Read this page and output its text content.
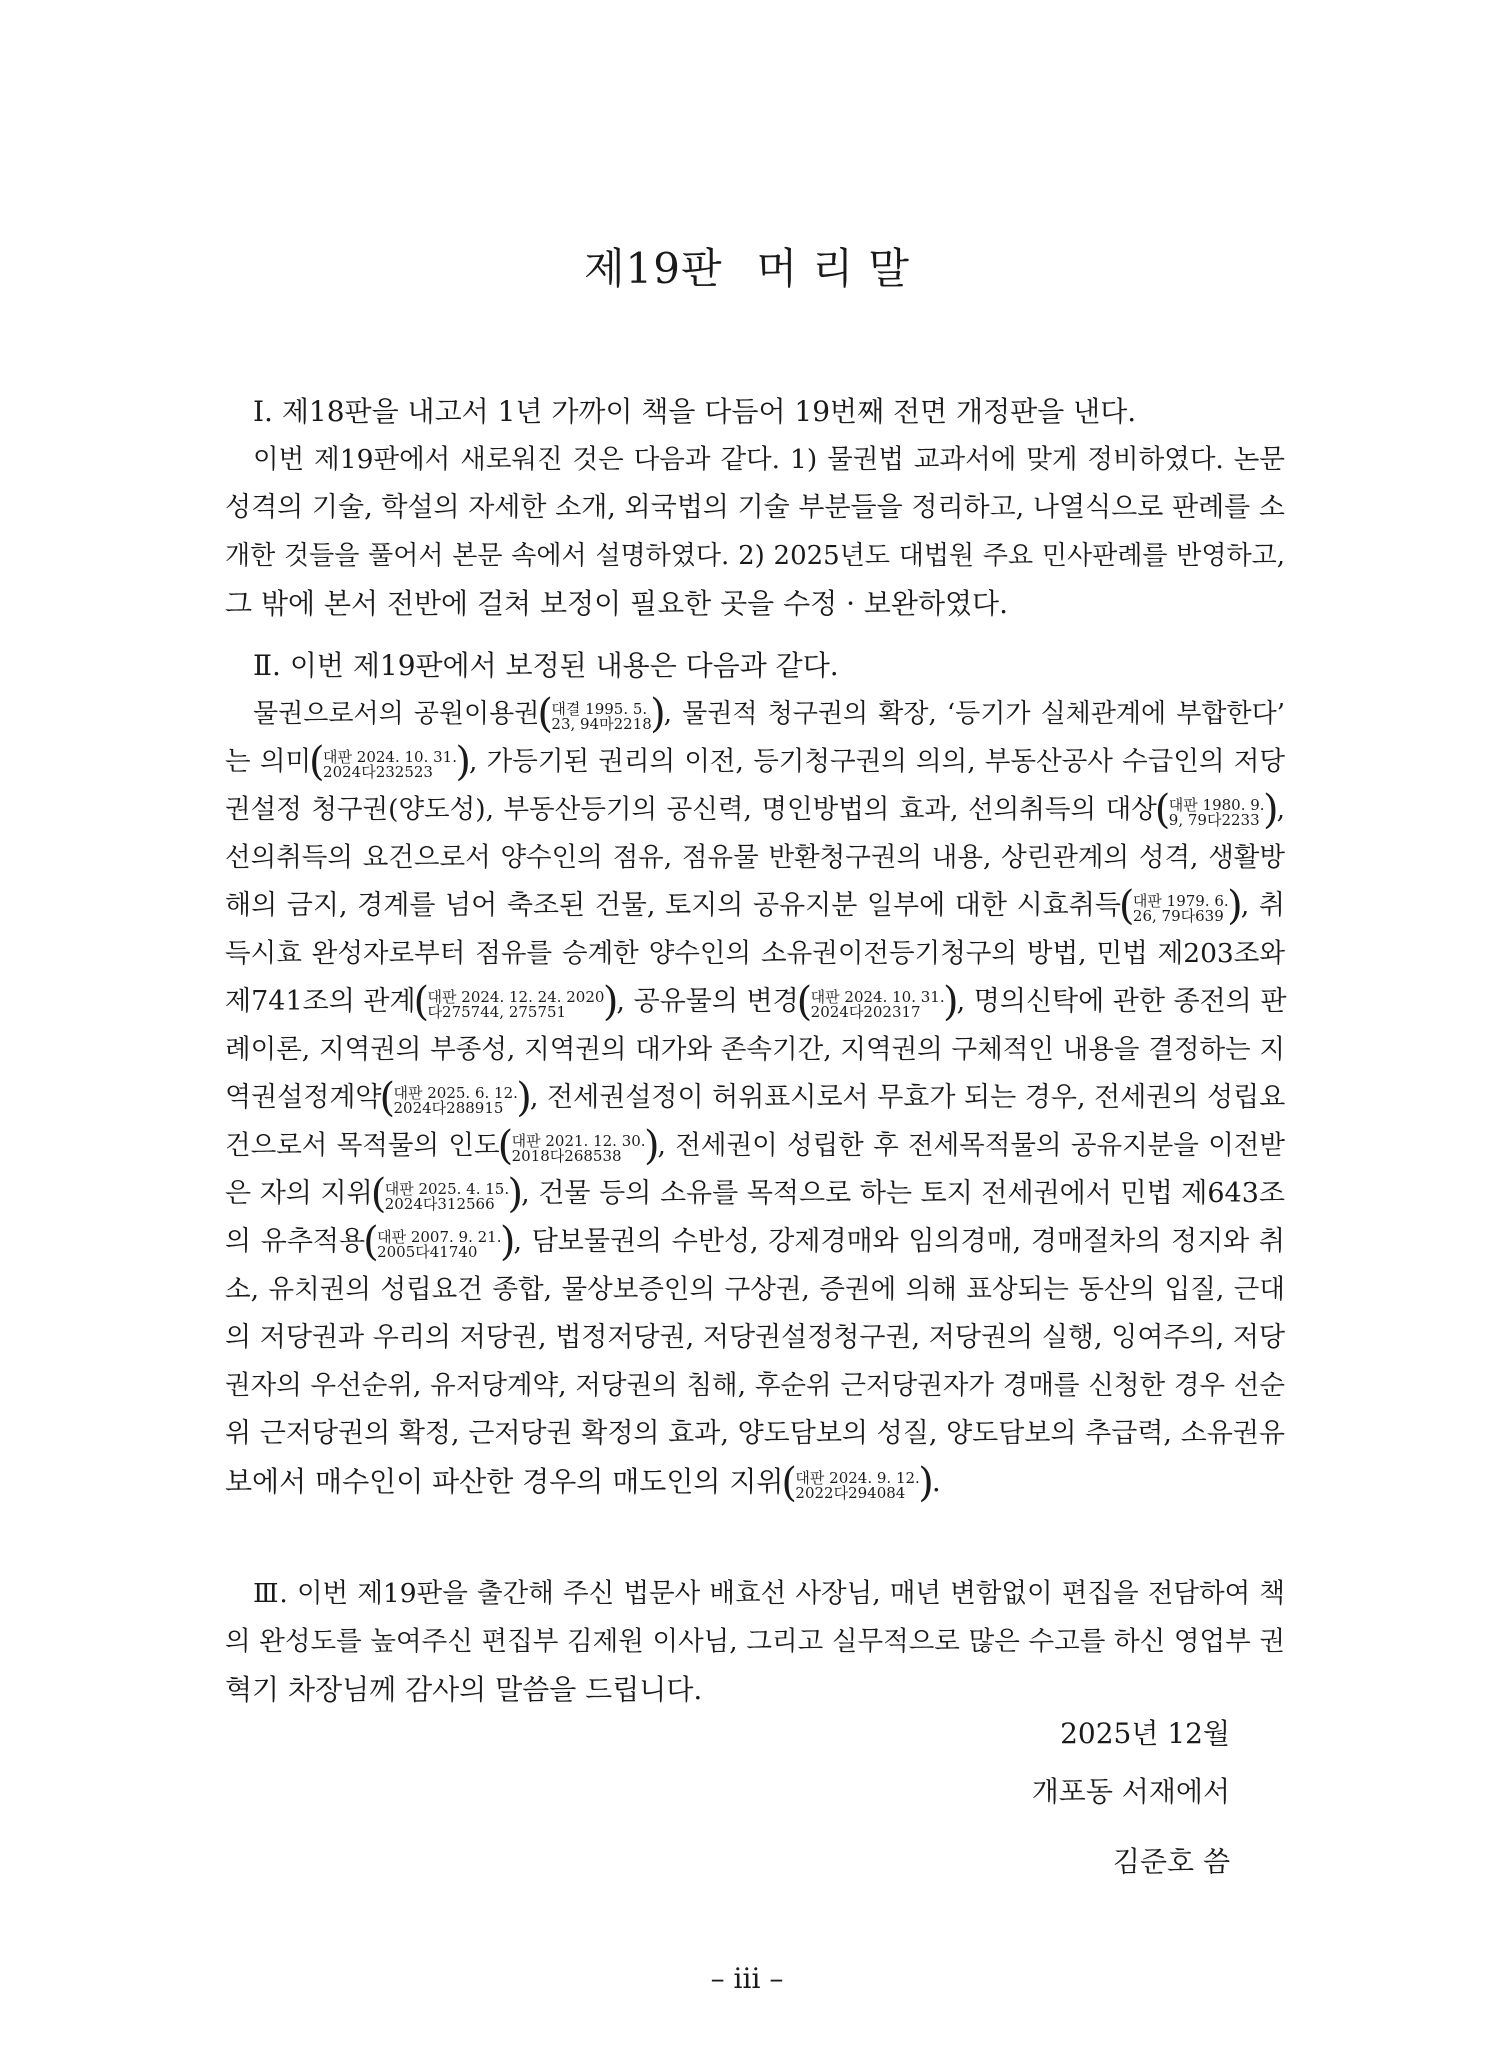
제19판 머 리 말
Ⅰ. 제18판을 내고서 1년 가까이 책을 다듬어 19번째 전면 개정판을 낸다.
이번 제19판에서 새로워진 것은 다음과 같다. 1) 물권법 교과서에 맞게 정비하였다. 논문
성격의 기술, 학설의 자세한 소개, 외국법의 기술 부분들을 정리하고, 나열식으로 판례를 소
개한 것들을 풀어서 본문 속에서 설명하였다. 2) 2025년도 대법원 주요 민사판례를 반영하고,
그 밖에 본서 전반에 걸쳐 보정이 필요한 곳을 수정 · 보완하였다.
Ⅱ. 이번 제19판에서 보정된 내용은 다음과 같다.
물권으로서의 공원이용권 ( 대결 1995. 5.
23, 94마2218
) , 물권적 청구권의 확장, ‘등기가 실체관계에 부합한다’
는 의미 ( 대판 2024. 10. 31.
2024다232523
)	, 가등기된 권리의 이전, 등기청구권의 의의, 부동산공사 수급인의 저당
권설정 청구권(양도성), 부동산등기의 공신력, 명인방법의 효과, 선의취득의 대상 ( 대판 1980. 9.
9, 79다2233
) ,
선의취득의 요건으로서 양수인의 점유, 점유물 반환청구권의 내용, 상린관계의 성격, 생활방
해의 금지, 경계를 넘어 축조된 건물, 토지의 공유지분 일부에 대한 시효취득 ( 대판 1979. 6.
26, 79다639
) , 취
득시효 완성자로부터 점유를 승계한 양수인의 소유권이전등기청구의 방법, 민법 제203조와
제741조의 관계 ( 대판 2024. 12. 24. 2020
다275744, 275751
)	, 공유물의 변경 ( 대판 2024. 10. 31.
2024다202317
)	, 명의신탁에 관한 종전의 판
례이론, 지역권의 부종성, 지역권의 대가와 존속기간, 지역권의 구체적인 내용을 결정하는 지
역권설정계약 ( 대판 2025. 6. 12.
2024다288915
) , 전세권설정이 허위표시로서 무효가 되는 경우, 전세권의 성립요
건으로서 목적물의 인도 ( 대판 2021. 12. 30.
2018다268538
)	, 전세권이 성립한 후 전세목적물의 공유지분을 이전받
은 자의 지위 ( 대판 2025. 4. 15.
2024다312566
) , 건물 등의 소유를 목적으로 하는 토지 전세권에서 민법 제643조
의 유추적용 ( 대판 2007. 9. 21.
2005다41740
)	, 담보물권의 수반성, 강제경매와 임의경매, 경매절차의 정지와 취
소, 유치권의 성립요건 종합, 물상보증인의 구상권, 증권에 의해 표상되는 동산의 입질, 근대
의 저당권과 우리의 저당권, 법정저당권, 저당권설정청구권, 저당권의 실행, 잉여주의, 저당
권자의 우선순위, 유저당계약, 저당권의 침해, 후순위 근저당권자가 경매를 신청한 경우 선순
위 근저당권의 확정, 근저당권 확정의 효과, 양도담보의 성질, 양도담보의 추급력, 소유권유
보에서 매수인이 파산한 경우의 매도인의 지위 ( 대판 2024. 9. 12.
2022다294084
) .
Ⅲ. 이번 제19판을 출간해 주신 법문사 배효선 사장님, 매년 변함없이 편집을 전담하여 책
의 완성도를 높여주신 편집부 김제원 이사님, 그리고 실무적으로 많은 수고를 하신 영업부 권
혁기 차장님께 감사의 말씀을 드립니다.
2025년 12월
개포동 서재에서
김준호 씀
– iii –
